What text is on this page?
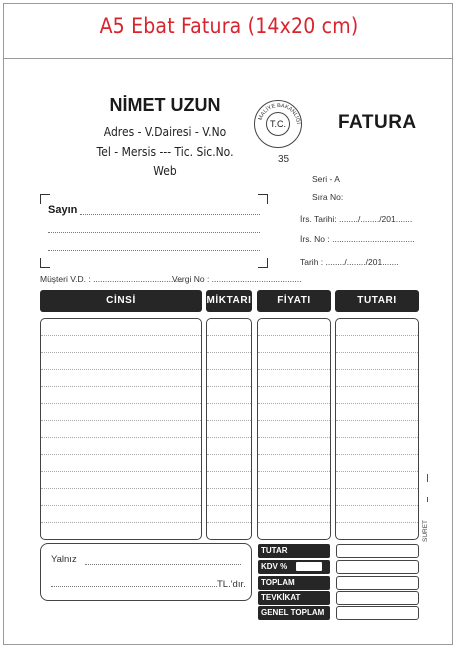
A5 Ebat Fatura (14x20 cm)
NİMET UZUN
Adres - V.Dairesi - V.No
Tel - Mersis --- Tic. Sic.No.
Web
MALİYE BAKANLIĞI
T.C.
35
FATURA
Seri - A
Sıra No:
İrs. Tarihi: ......../......../201.......
İrs. No : ...................................
Tarih : ......../......../201.......
Sayın
Müşteri V.D. : ......................................
Vergi No : ......................................
CİNSİ	MİKTARI	FİYATI	TUTARI
SURET
Yalnız
TL.'dır.
TUTAR
KDV %
TOPLAM
TEVKİKAT
GENEL TOPLAM
